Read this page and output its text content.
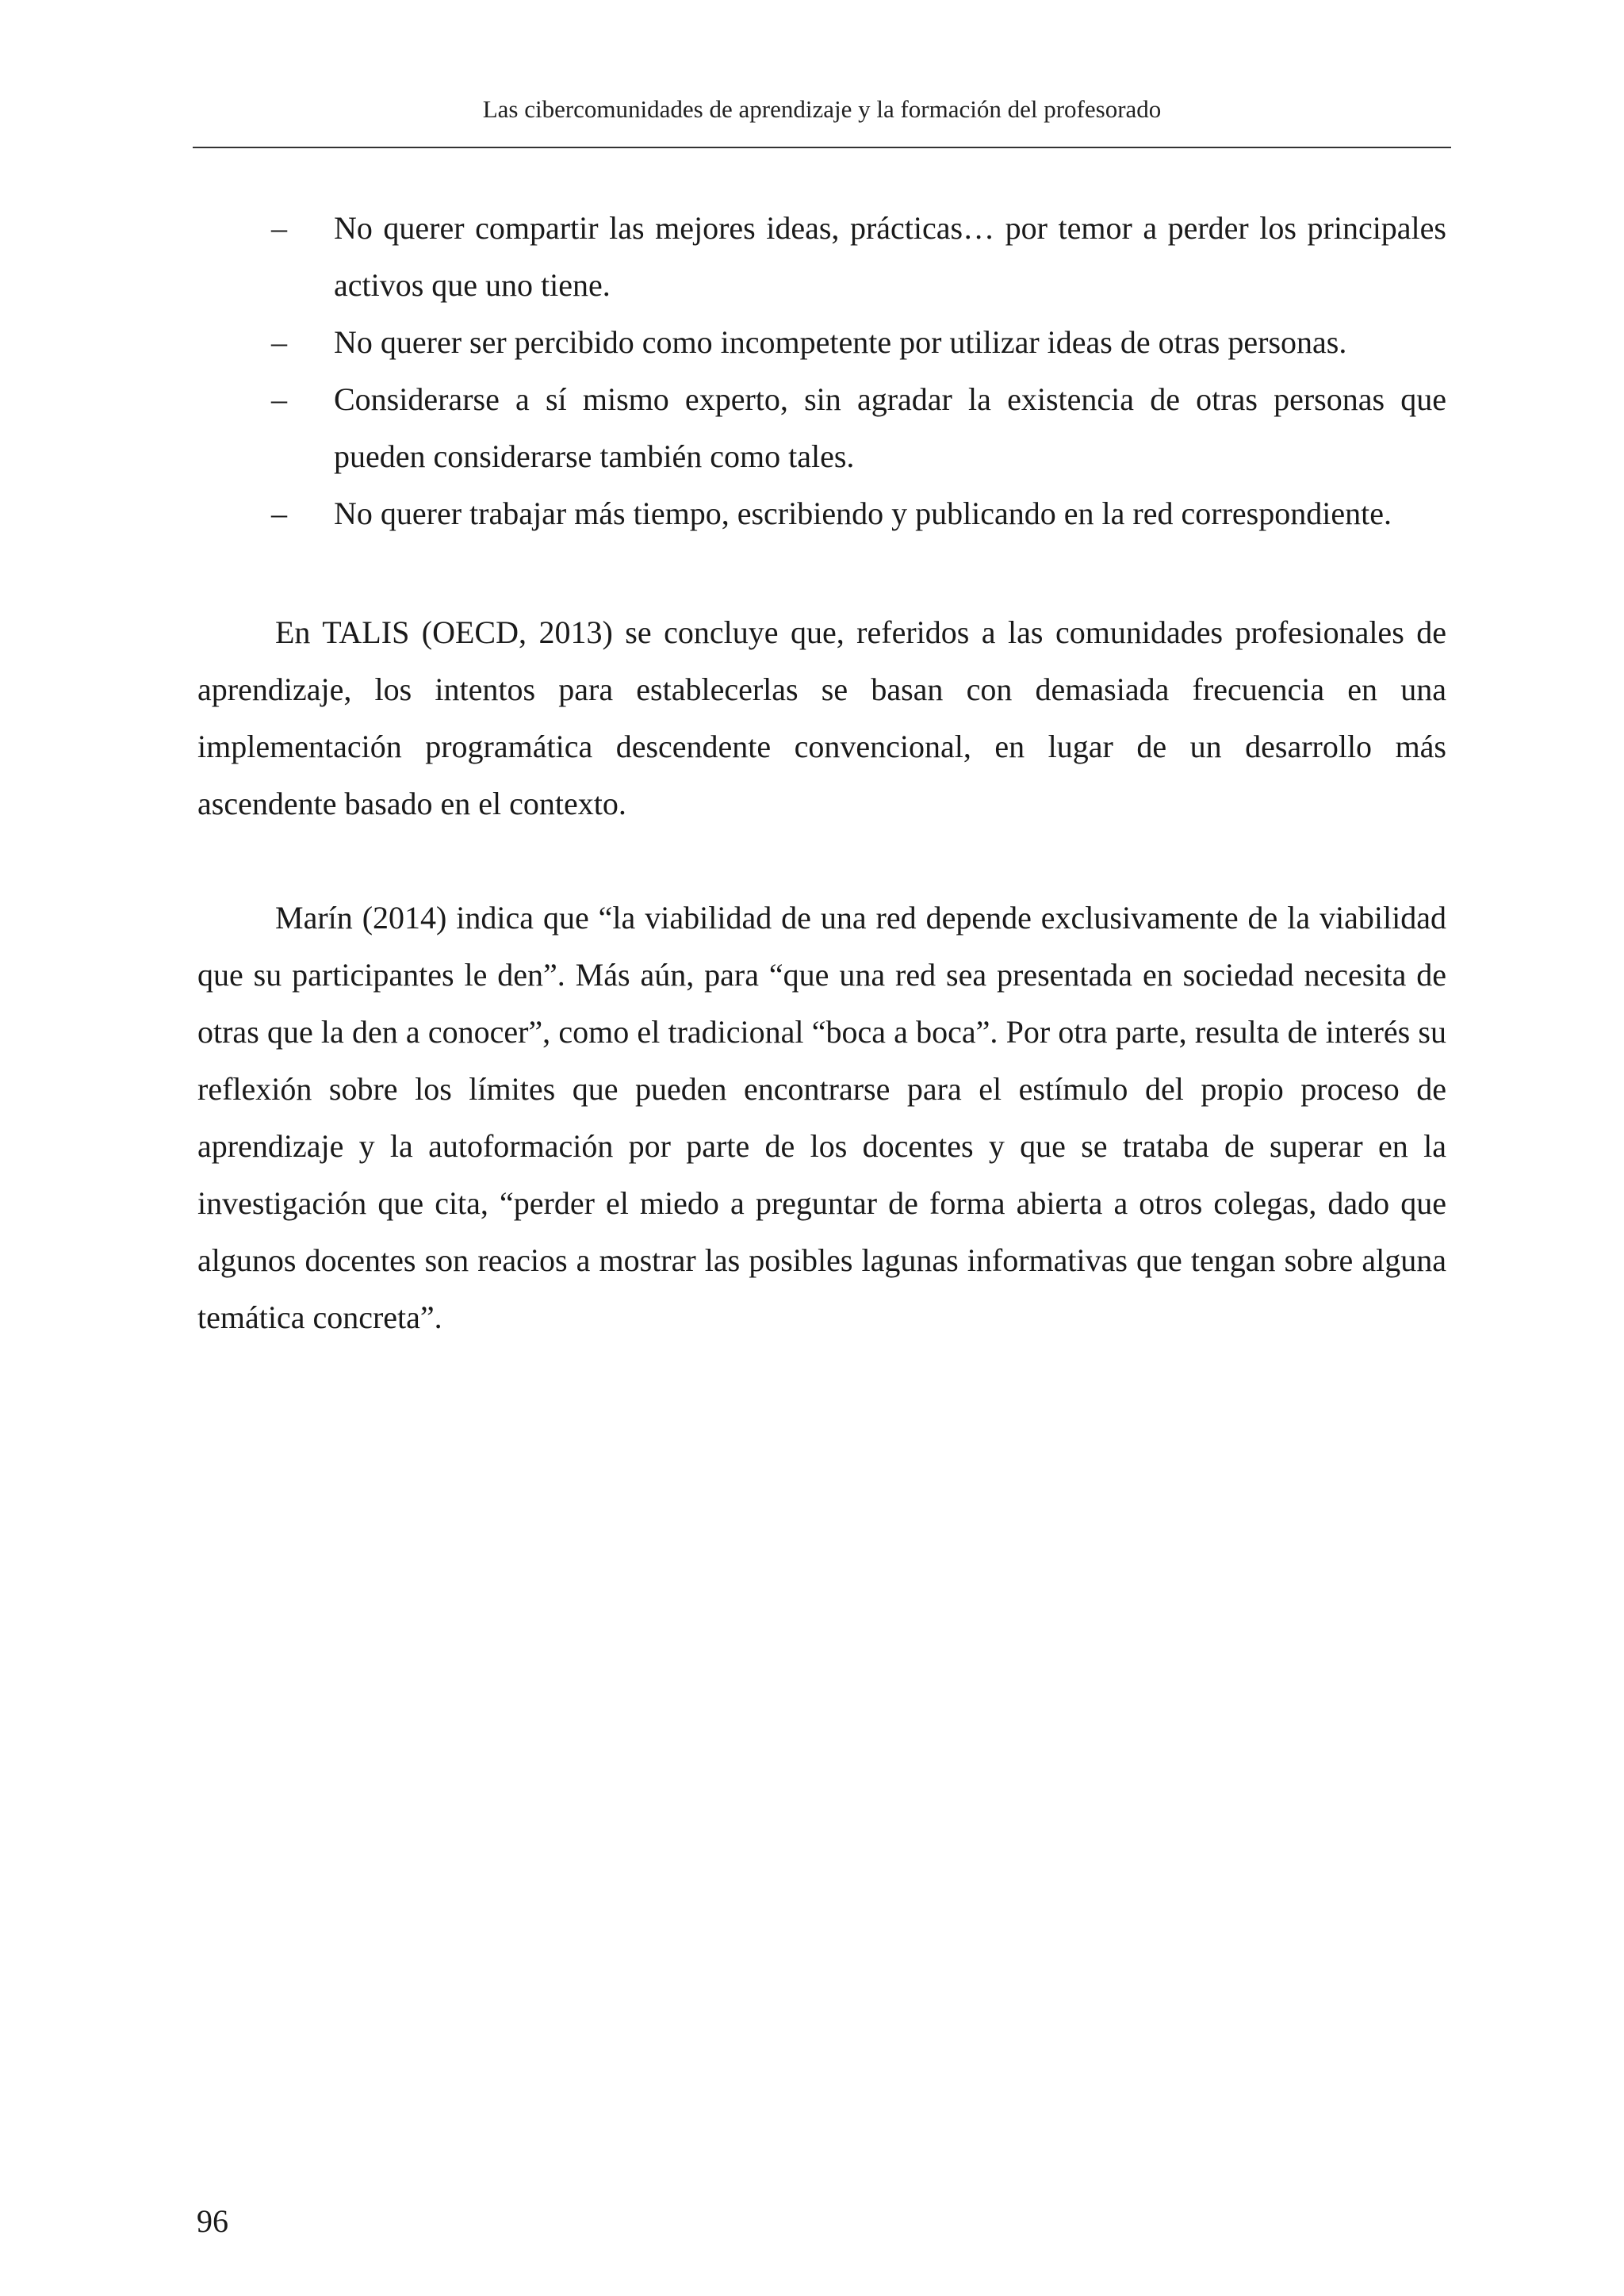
Las cibercomunidades de aprendizaje y la formación del profesorado
– No querer compartir las mejores ideas, prácticas… por temor a perder los principales activos que uno tiene.
– No querer ser percibido como incompetente por utilizar ideas de otras personas.
– Considerarse a sí mismo experto, sin agradar la existencia de otras personas que pueden considerarse también como tales.
– No querer trabajar más tiempo, escribiendo y publicando en la red correspondiente.

En TALIS (OECD, 2013) se concluye que, referidos a las comunidades profesionales de aprendizaje, los intentos para establecerlas se basan con demasiada frecuencia en una implementación programática descendente convencional, en lugar de un desarrollo más ascendente basado en el contexto.

Marín (2014) indica que “la viabilidad de una red depende exclusivamente de la viabilidad que su participantes le den”. Más aún, para “que una red sea presentada en sociedad necesita de otras que la den a conocer”, como el tradicional “boca a boca”. Por otra parte, resulta de interés su reflexión sobre los límites que pueden encontrarse para el estímulo del propio proceso de aprendizaje y la autoformación por parte de los docentes y que se trataba de superar en la investigación que cita, “perder el miedo a preguntar de forma abierta a otros colegas, dado que algunos docentes son reacios a mostrar las posibles lagunas informativas que tengan sobre alguna temática concreta”.

96
